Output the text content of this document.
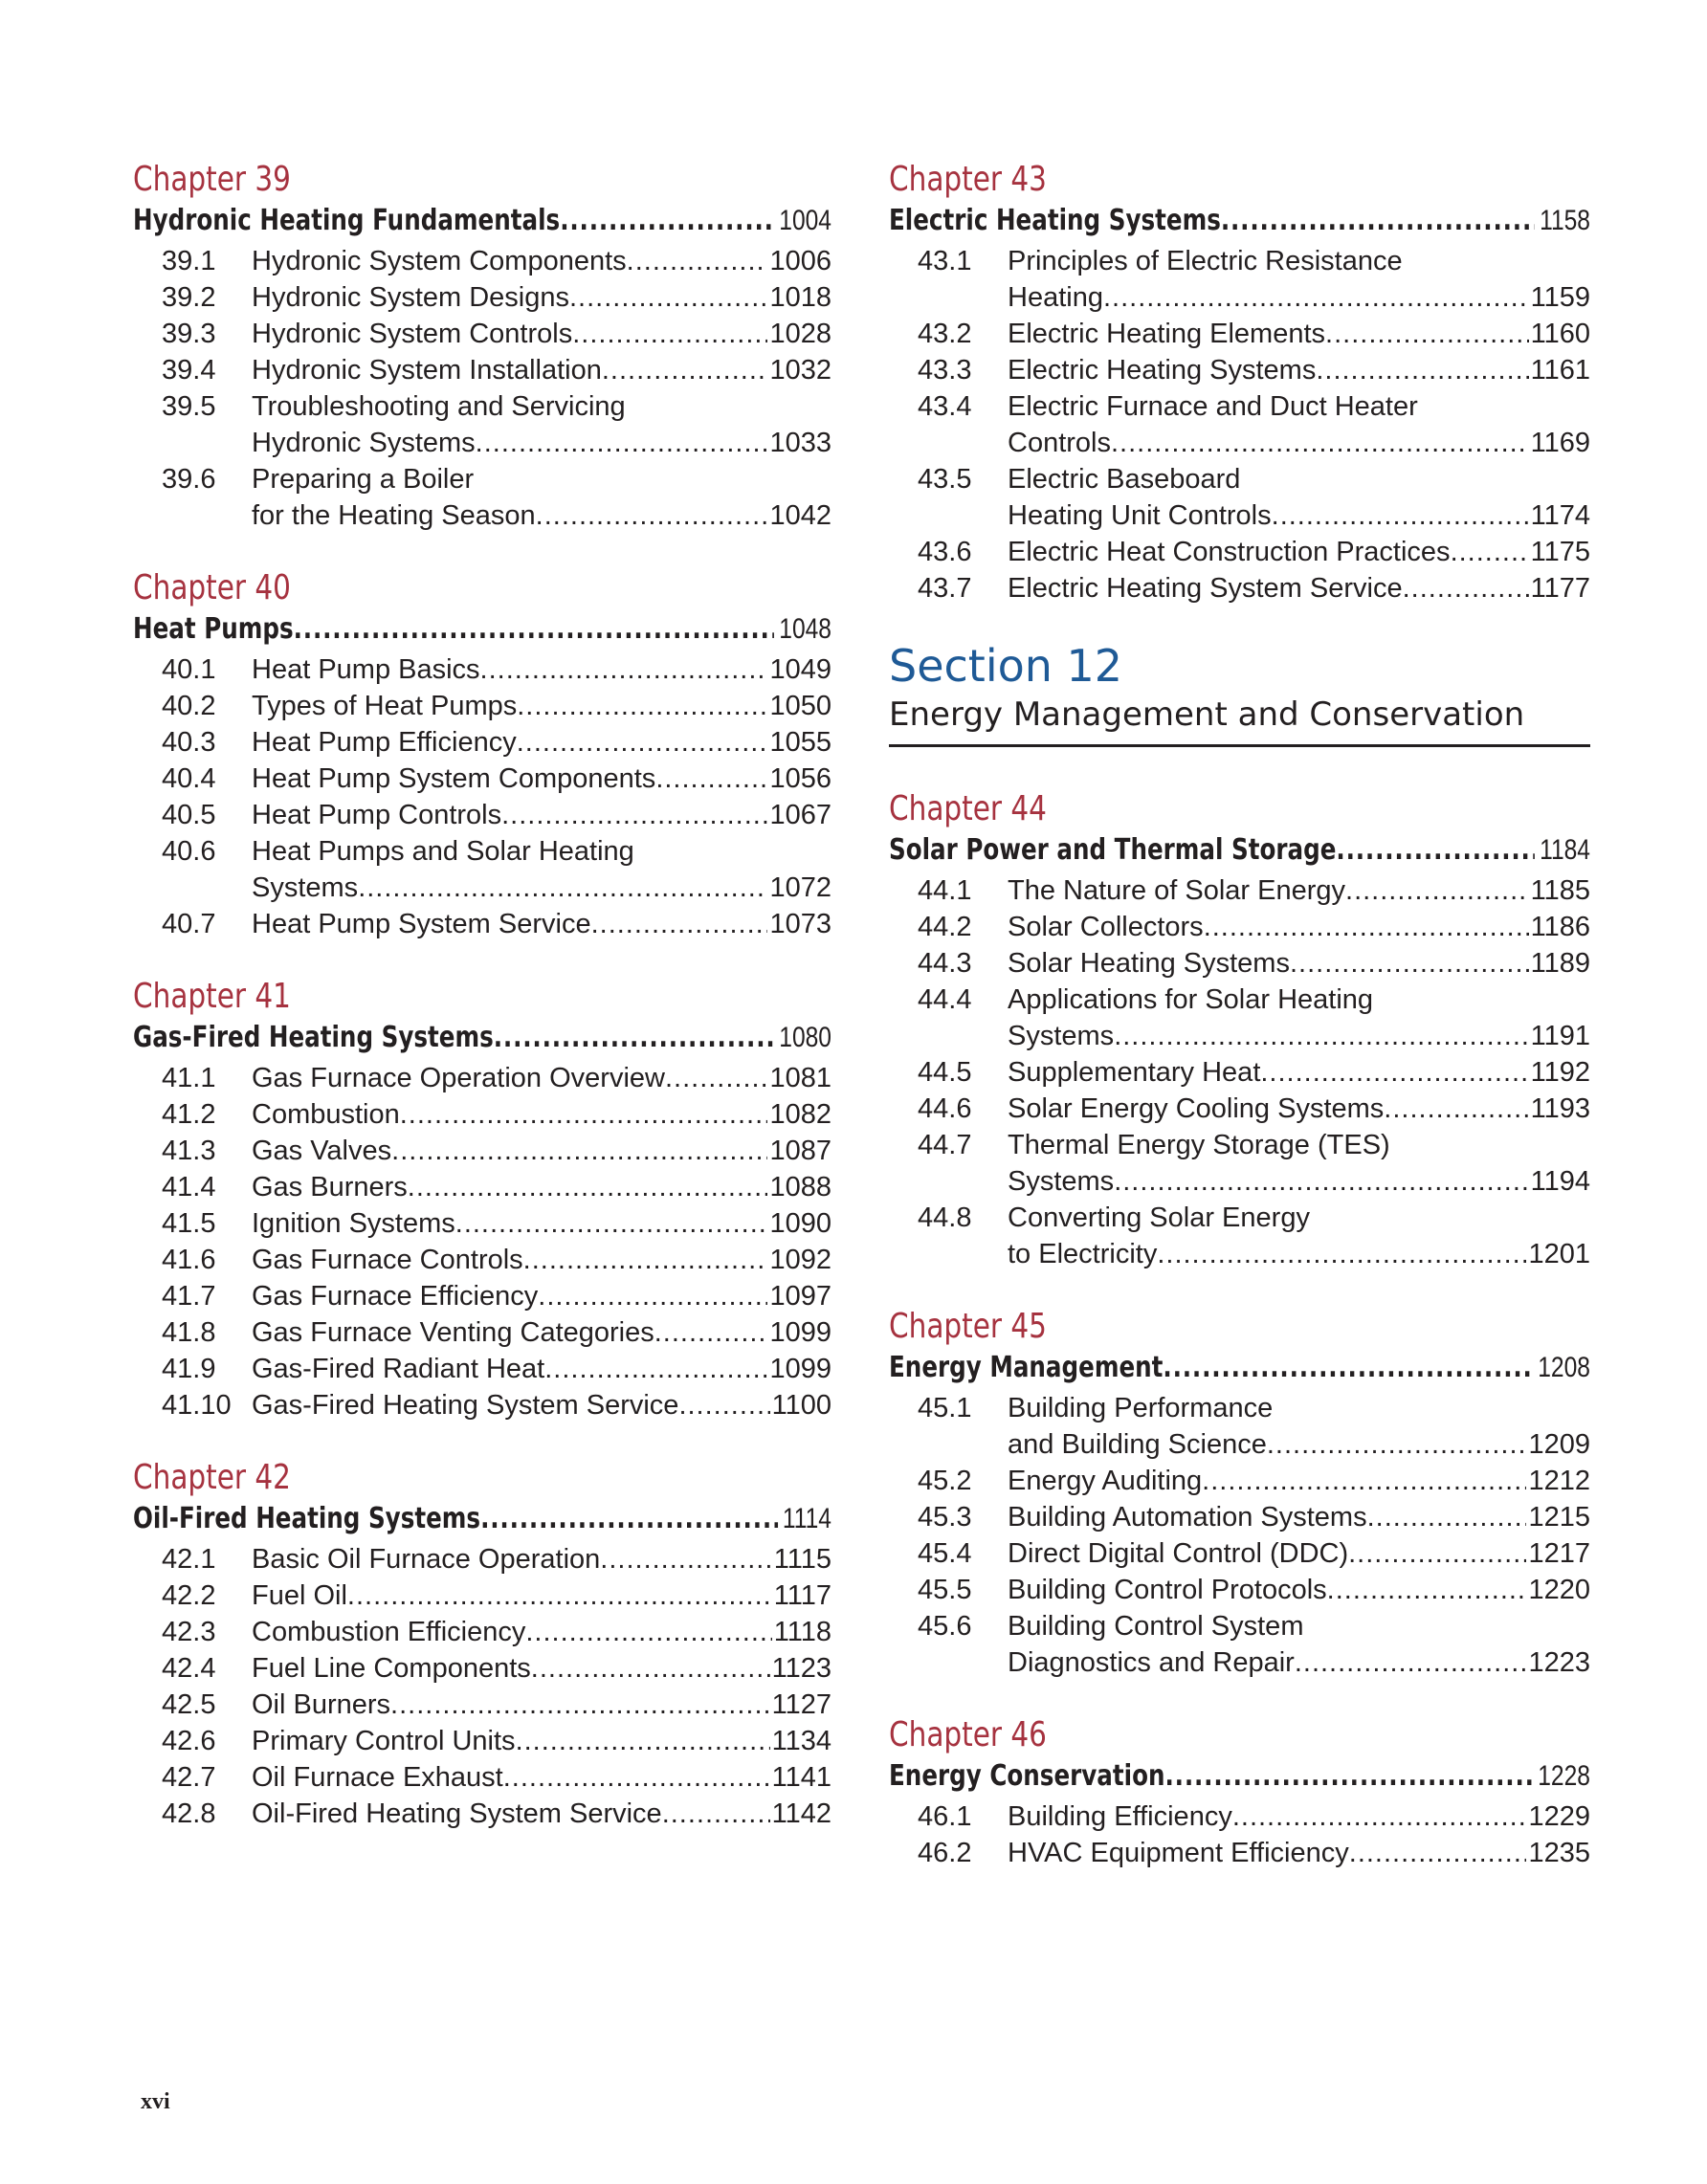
Chapter 39
Hydronic Heating Fundamentals .....	1004
39.1	Hydronic System Components .....	1006
39.2	Hydronic System Designs .....	1018
39.3	Hydronic System Controls .....	1028
39.4	Hydronic System Installation .....	1032
39.5	Troubleshooting and Servicing
Hydronic Systems .....	1033
39.6	Preparing a Boiler
for the Heating Season .....	1042
Chapter 40
Heat Pumps .....	1048
40.1	Heat Pump Basics .....	1049
40.2	Types of Heat Pumps .....	1050
40.3	Heat Pump Efficiency .....	1055
40.4	Heat Pump System Components .....	1056
40.5	Heat Pump Controls .....	1067
40.6	Heat Pumps and Solar Heating
Systems .....	1072
40.7	Heat Pump System Service .....	1073
Chapter 41
Gas-Fired Heating Systems .....	1080
41.1	Gas Furnace Operation Overview .....	1081
41.2	Combustion .....	1082
41.3	Gas Valves .....	1087
41.4	Gas Burners .....	1088
41.5	Ignition Systems .....	1090
41.6	Gas Furnace Controls .....	1092
41.7	Gas Furnace Efficiency .....	1097
41.8	Gas Furnace Venting Categories .....	1099
41.9	Gas-Fired Radiant Heat .....	1099
41.10 Gas-Fired Heating System Service .....	1100
Chapter 42
Oil-Fired Heating Systems .....	1114
42.1	Basic Oil Furnace Operation .....	1115
42.2	Fuel Oil .....	1117
42.3	Combustion Efficiency .....	1118
42.4	Fuel Line Components .....	1123
42.5	Oil Burners .....	1127
42.6	Primary Control Units .....	1134
42.7	Oil Furnace Exhaust .....	1141
42.8	Oil-Fired Heating System Service .....	1142
Chapter 43
Electric Heating Systems .....	1158
43.1	Principles of Electric Resistance
Heating .....	1159
43.2	Electric Heating Elements .....	1160
43.3	Electric Heating Systems .....	1161
43.4	Electric Furnace and Duct Heater
Controls .....	1169
43.5	Electric Baseboard
Heating Unit Controls .....	1174
43.6	Electric Heat Construction Practices .....	1175
43.7	Electric Heating System Service .....	1177
Section 12
Energy Management and Conservation
Chapter 44
Solar Power and Thermal Storage .....	1184
44.1	The Nature of Solar Energy .....	1185
44.2	Solar Collectors .....	1186
44.3	Solar Heating Systems .....	1189
44.4	Applications for Solar Heating
Systems .....	1191
44.5	Supplementary Heat .....	1192
44.6	Solar Energy Cooling Systems .....	1193
44.7	Thermal Energy Storage (TES)
Systems .....	1194
44.8	Converting Solar Energy
to Electricity .....	1201
Chapter 45
Energy Management .....	1208
45.1	Building Performance
and Building Science .....	1209
45.2	Energy Auditing .....	1212
45.3	Building Automation Systems .....	1215
45.4	Direct Digital Control (DDC) .....	1217
45.5	Building Control Protocols .....	1220
45.6	Building Control System
Diagnostics and Repair .....	1223
Chapter 46
Energy Conservation .....	1228
46.1	Building Efficiency .....	1229
46.2	HVAC Equipment Efficiency .....	1235
xvi
